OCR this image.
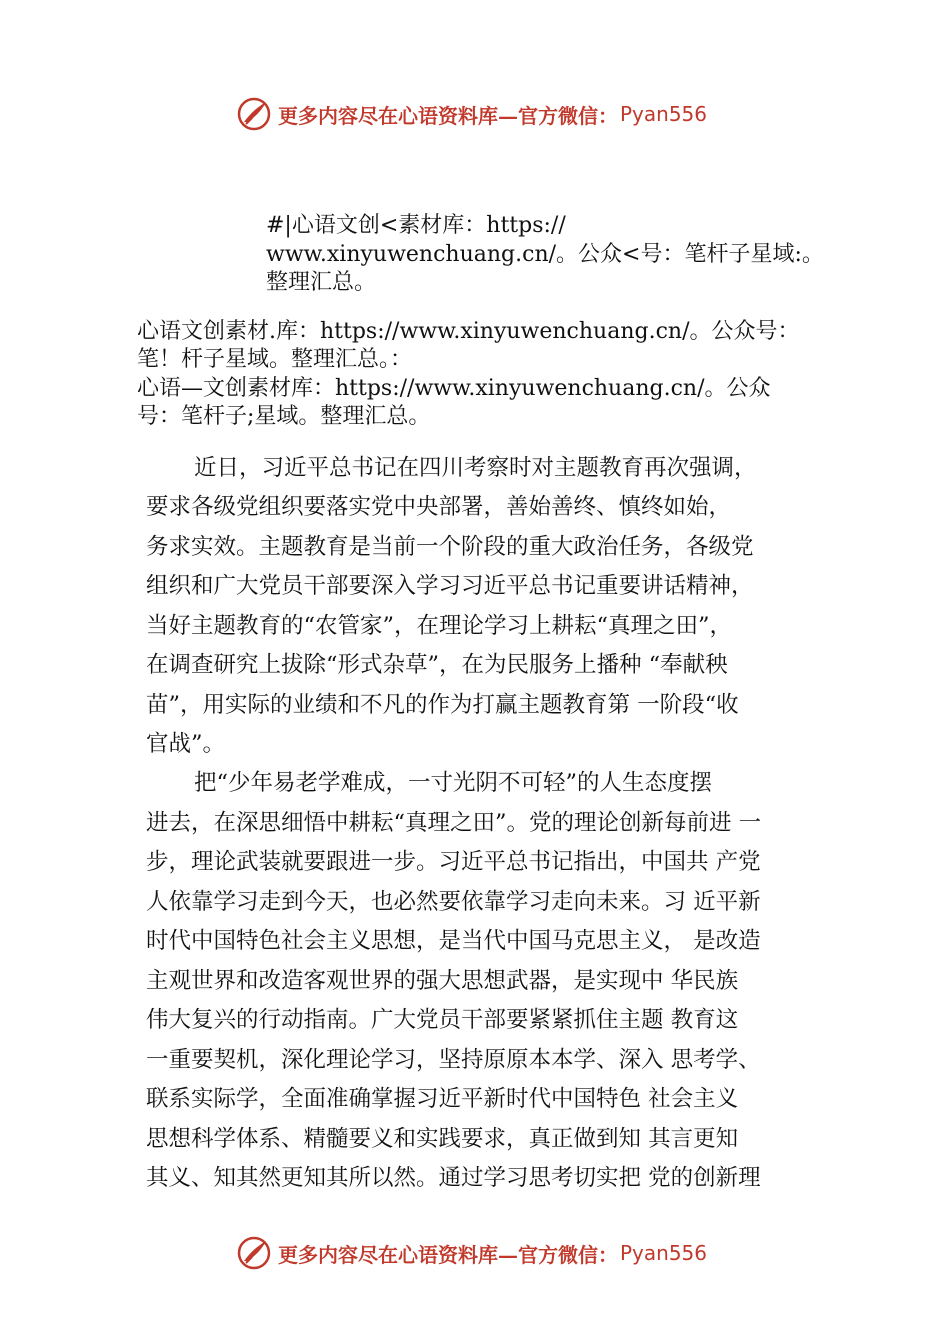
更多内容尽在心语资料库—官方微信： Pyan556
#|心语文创<素材库：https://
www.xinyuwenchuang.cn/。公众<号：笔杆子星域:。
整理汇总。
心语文创素材.库：https://www.xinyuwenchuang.cn/。公众号：
笔！杆子星域。整理汇总。：
心语—文创素材库：https://www.xinyuwenchuang.cn/。公众
号：笔杆子;星域。整理汇总。
近日，习近平总书记在四川考察时对主题教育再次强调，
要求各级党组织要落实党中央部署，善始善终、慎终如始，
务求实效。主题教育是当前一个阶段的重大政治任务，各级党
组织和广大党员干部要深入学习习近平总书记重要讲话精神，
当好主题教育的“农管家”，在理论学习上耕耘“真理之田”，
在调查研究上拔除“形式杂草”，在为民服务上播种 “奉献秧
苗”，用实际的业绩和不凡的作为打赢主题教育第 一阶段“收
官战”。
把“少年易老学难成，一寸光阴不可轻”的人生态度摆
进去，在深思细悟中耕耘“真理之田”。党的理论创新每前进 一
步，理论武装就要跟进一步。习近平总书记指出，中国共 产党
人依靠学习走到今天，也必然要依靠学习走向未来。习 近平新
时代中国特色社会主义思想，是当代中国马克思主义， 是改造
主观世界和改造客观世界的强大思想武器，是实现中 华民族
伟大复兴的行动指南。广大党员干部要紧紧抓住主题 教育这
一重要契机，深化理论学习，坚持原原本本学、深入 思考学、
联系实际学，全面准确掌握习近平新时代中国特色 社会主义
思想科学体系、精髓要义和实践要求，真正做到知 其言更知
其义、知其然更知其所以然。通过学习思考切实把 党的创新理
更多内容尽在心语资料库—官方微信： Pyan556
